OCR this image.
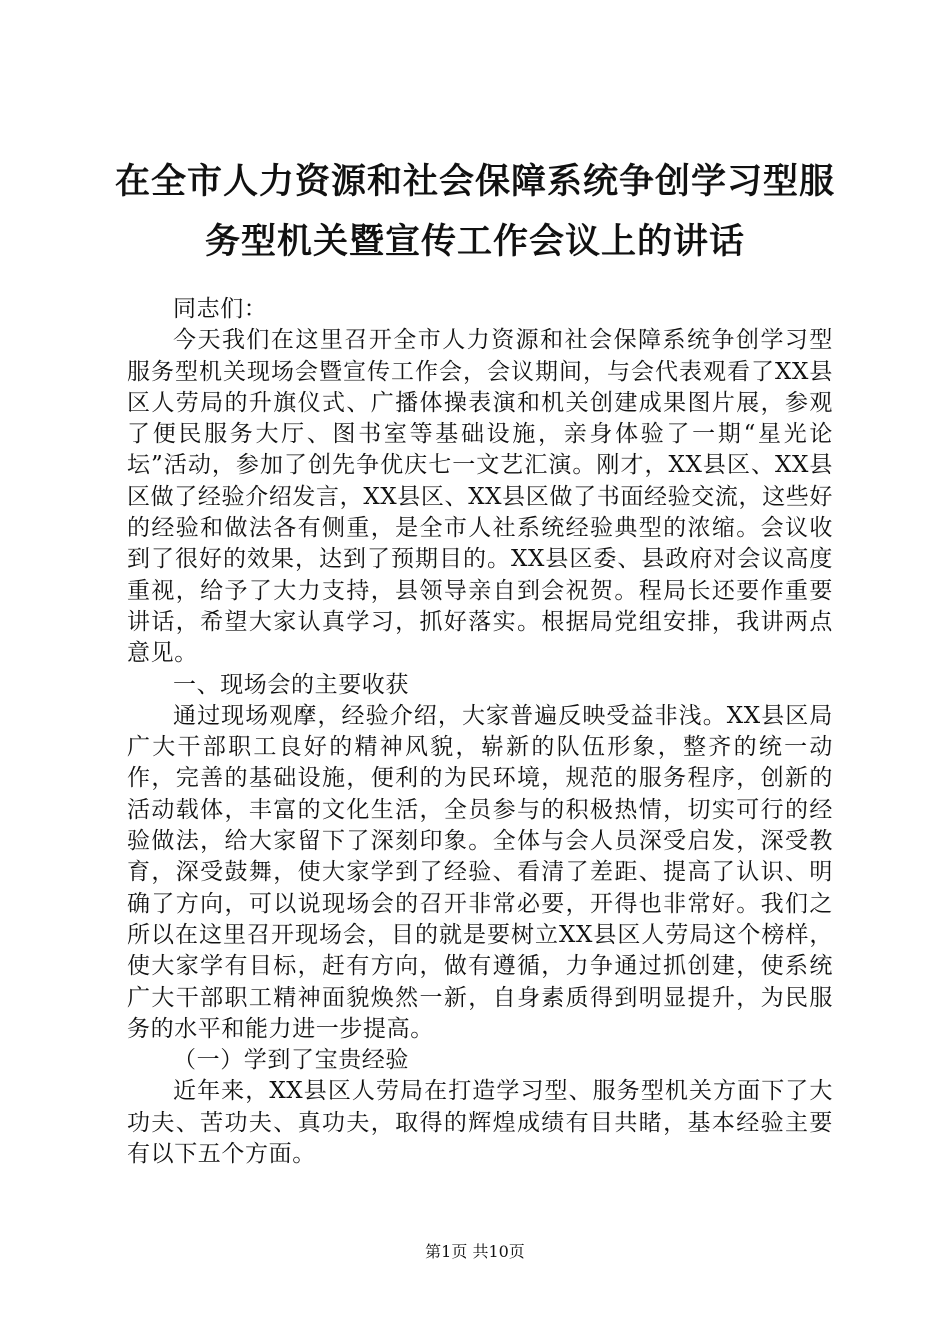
在全市人力资源和社会保障系统争创学习型服务型机关暨宣传工作会议上的讲话

同志们：

今天我们在这里召开全市人力资源和社会保障系统争创学习型服务型机关现场会暨宣传工作会，会议期间，与会代表观看了XX县区人劳局的升旗仪式、广播体操表演和机关创建成果图片展，参观了便民服务大厅、图书室等基础设施，亲身体验了一期“星光论坛”活动，参加了创先争优庆七一文艺汇演。刚才，XX县区、XX县区做了经验介绍发言，XX县区、XX县区做了书面经验交流，这些好的经验和做法各有侧重，是全市人社系统经验典型的浓缩。会议收到了很好的效果，达到了预期目的。XX县区委、县政府对会议高度重视，给予了大力支持，县领导亲自到会祝贺。程局长还要作重要讲话，希望大家认真学习，抓好落实。根据局党组安排，我讲两点意见。

一、现场会的主要收获

通过现场观摩，经验介绍，大家普遍反映受益非浅。XX县区局广大干部职工良好的精神风貌，崭新的队伍形象，整齐的统一动作，完善的基础设施，便利的为民环境，规范的服务程序，创新的活动载体，丰富的文化生活，全员参与的积极热情，切实可行的经验做法，给大家留下了深刻印象。全体与会人员深受启发，深受教育，深受鼓舞，使大家学到了经验、看清了差距、提高了认识、明确了方向，可以说现场会的召开非常必要，开得也非常好。我们之所以在这里召开现场会，目的就是要树立XX县区人劳局这个榜样，使大家学有目标，赶有方向，做有遵循，力争通过抓创建，使系统广大干部职工精神面貌焕然一新，自身素质得到明显提升，为民服务的水平和能力进一步提高。

（一）学到了宝贵经验

近年来，XX县区人劳局在打造学习型、服务型机关方面下了大功夫、苦功夫、真功夫，取得的辉煌成绩有目共睹，基本经验主要有以下五个方面。

第1页 共10页
